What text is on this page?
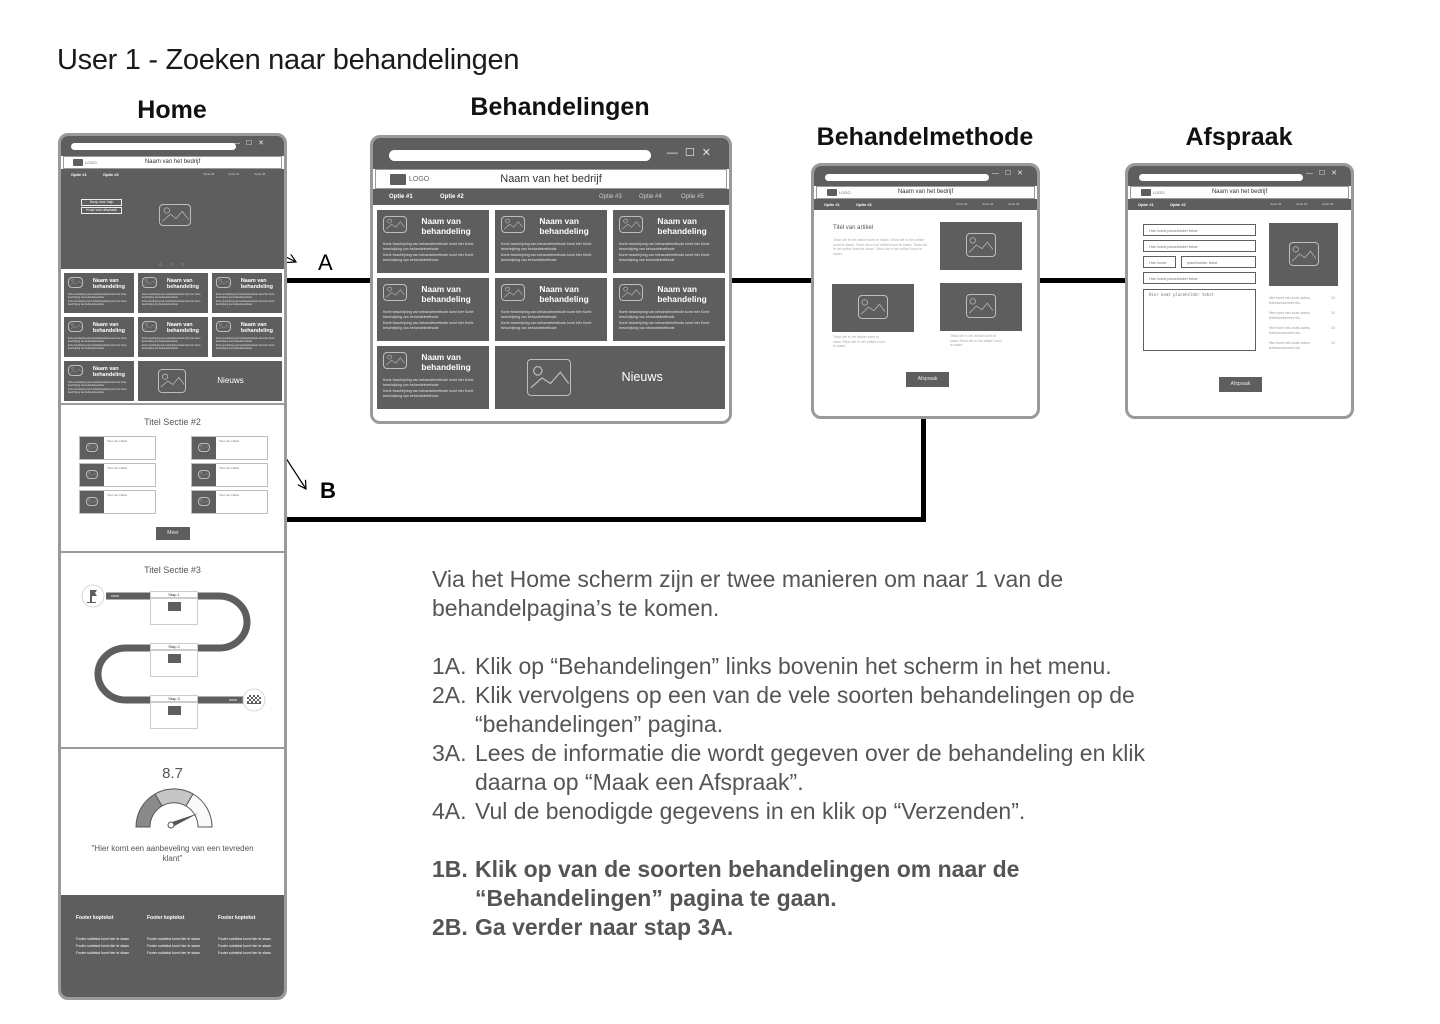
User 1 - Zoeken naar behandelingen
Home	Behandelingen
Behandelmethode	Afspraak
A
B
— ☐ ✕
LOGO	Naam van het bedrijf
Optie #1	Optie #2	Optie #3	Optie #4	Optie #5
Knop voor hulp
Knop voor afspraak
○○○
Naam van behandeling
Korte beschrijving van behandelmethode komt hier Korte beschrijving van behandelmethode
Korte beschrijving van behandelmethode komt hier Korte beschrijving van behandelmethode
Naam van behandeling
Korte beschrijving van behandelmethode komt hier Korte beschrijving van behandelmethode
Korte beschrijving van behandelmethode komt hier Korte beschrijving van behandelmethode
Naam van behandeling
Korte beschrijving van behandelmethode komt hier Korte beschrijving van behandelmethode
Korte beschrijving van behandelmethode komt hier Korte beschrijving van behandelmethode
Naam van behandeling
Korte beschrijving van behandelmethode komt hier Korte beschrijving van behandelmethode
Korte beschrijving van behandelmethode komt hier Korte beschrijving van behandelmethode
Naam van behandeling
Korte beschrijving van behandelmethode komt hier Korte beschrijving van behandelmethode
Korte beschrijving van behandelmethode komt hier Korte beschrijving van behandelmethode
Naam van behandeling
Korte beschrijving van behandelmethode komt hier Korte beschrijving van behandelmethode
Korte beschrijving van behandelmethode komt hier Korte beschrijving van behandelmethode
Naam van behandeling
Korte beschrijving van behandelmethode komt hier Korte beschrijving van behandelmethode
Korte beschrijving van behandelmethode komt hier Korte beschrijving van behandelmethode
Nieuws
Titel Sectie #2
Titel van artikel	Titel van artikel
Titel van artikel	Titel van artikel
Titel van artikel	Titel van artikel
Meer
Titel Sectie #3
Stap 1
Stap 2
Stap 3
8.7
"Hier komt een aanbeveling van een tevreden klant"
Footer koptekst
Footer subtekst komt hier te staan
Footer subtekst komt hier te staan
Footer subtekst komt hier te staan
Footer koptekst
Footer subtekst komt hier te staan
Footer subtekst komt hier te staan
Footer subtekst komt hier te staan
Footer koptekst
Footer subtekst komt hier te staan
Footer subtekst komt hier te staan
Footer subtekst komt hier te staan
— ☐ ✕
LOGO	Naam van het bedrijf
Optie #1	Optie #2	Optie #3	Optie #4	Optie #5
Naam van behandeling
Korte beschrijving van behandelmethode komt hier Korte beschrijving van behandelmethode
Korte beschrijving van behandelmethode komt hier Korte beschrijving van behandelmethode
Naam van behandeling
Korte beschrijving van behandelmethode komt hier Korte beschrijving van behandelmethode
Korte beschrijving van behandelmethode komt hier Korte beschrijving van behandelmethode
Naam van behandeling
Korte beschrijving van behandelmethode komt hier Korte beschrijving van behandelmethode
Korte beschrijving van behandelmethode komt hier Korte beschrijving van behandelmethode
Naam van behandeling
Korte beschrijving van behandelmethode komt hier Korte beschrijving van behandelmethode
Korte beschrijving van behandelmethode komt hier Korte beschrijving van behandelmethode
Naam van behandeling
Korte beschrijving van behandelmethode komt hier Korte beschrijving van behandelmethode
Korte beschrijving van behandelmethode komt hier Korte beschrijving van behandelmethode
Naam van behandeling
Korte beschrijving van behandelmethode komt hier Korte beschrijving van behandelmethode
Korte beschrijving van behandelmethode komt hier Korte beschrijving van behandelmethode
Naam van behandeling
Korte beschrijving van behandelmethode komt hier Korte beschrijving van behandelmethode
Korte beschrijving van behandelmethode komt hier Korte beschrijving van behandelmethode
Nieuws
— ☐ ✕
LOGO	Naam van het bedrijf
Optie #1	Optie #2	Optie #3	Optie #4	Optie #5
Titel van artikel
Tekst die in het artikel komt te staan. Tekst die in het artikel komt te staan. Tekst die in het artikel komt te staan. Tekst die in het artikel komt te staan. Tekst die in het artikel komt te staan.
Tekst die in het artikel komt te staan Tekst die in het artikel komt te staan
Tekst die in het artikel komt te staan Tekst die in het artikel komt te staan
Afspraak
— ☐ ✕
LOGO	Naam van het bedrijf
Optie #1	Optie #2	Optie #3	Optie #4	Optie #5
Hier komt placeholder tekst
Hier komt placeholder tekst
Hier komt
placeholder tekst
Hier komt placeholder tekst
Hier komt placeholder tekst
Hier komt info zoals adres, telefoonnummer etc.
10
Hier komt info zoals adres, telefoonnummer etc.
10
Hier komt info zoals adres, telefoonnummer etc.
10
Hier komt info zoals adres, telefoonnummer etc.
10
Afspraak

Via het Home scherm zijn er twee manieren om naar 1 van de behandelpagina’s te komen.

1A. Klik op “Behandelingen” links bovenin het scherm in het menu.
2A. Klik vervolgens op een van de vele soorten behandelingen op de “behandelingen” pagina.
3A. Lees de informatie die wordt gegeven over de behandeling en klik daarna op “Maak een Afspraak”.
4A. Vul de benodigde gegevens in en klik op “Verzenden”.
1B. Klik op van de soorten behandelingen om naar de “Behandelingen” pagina te gaan.
2B. Ga verder naar stap 3A.
